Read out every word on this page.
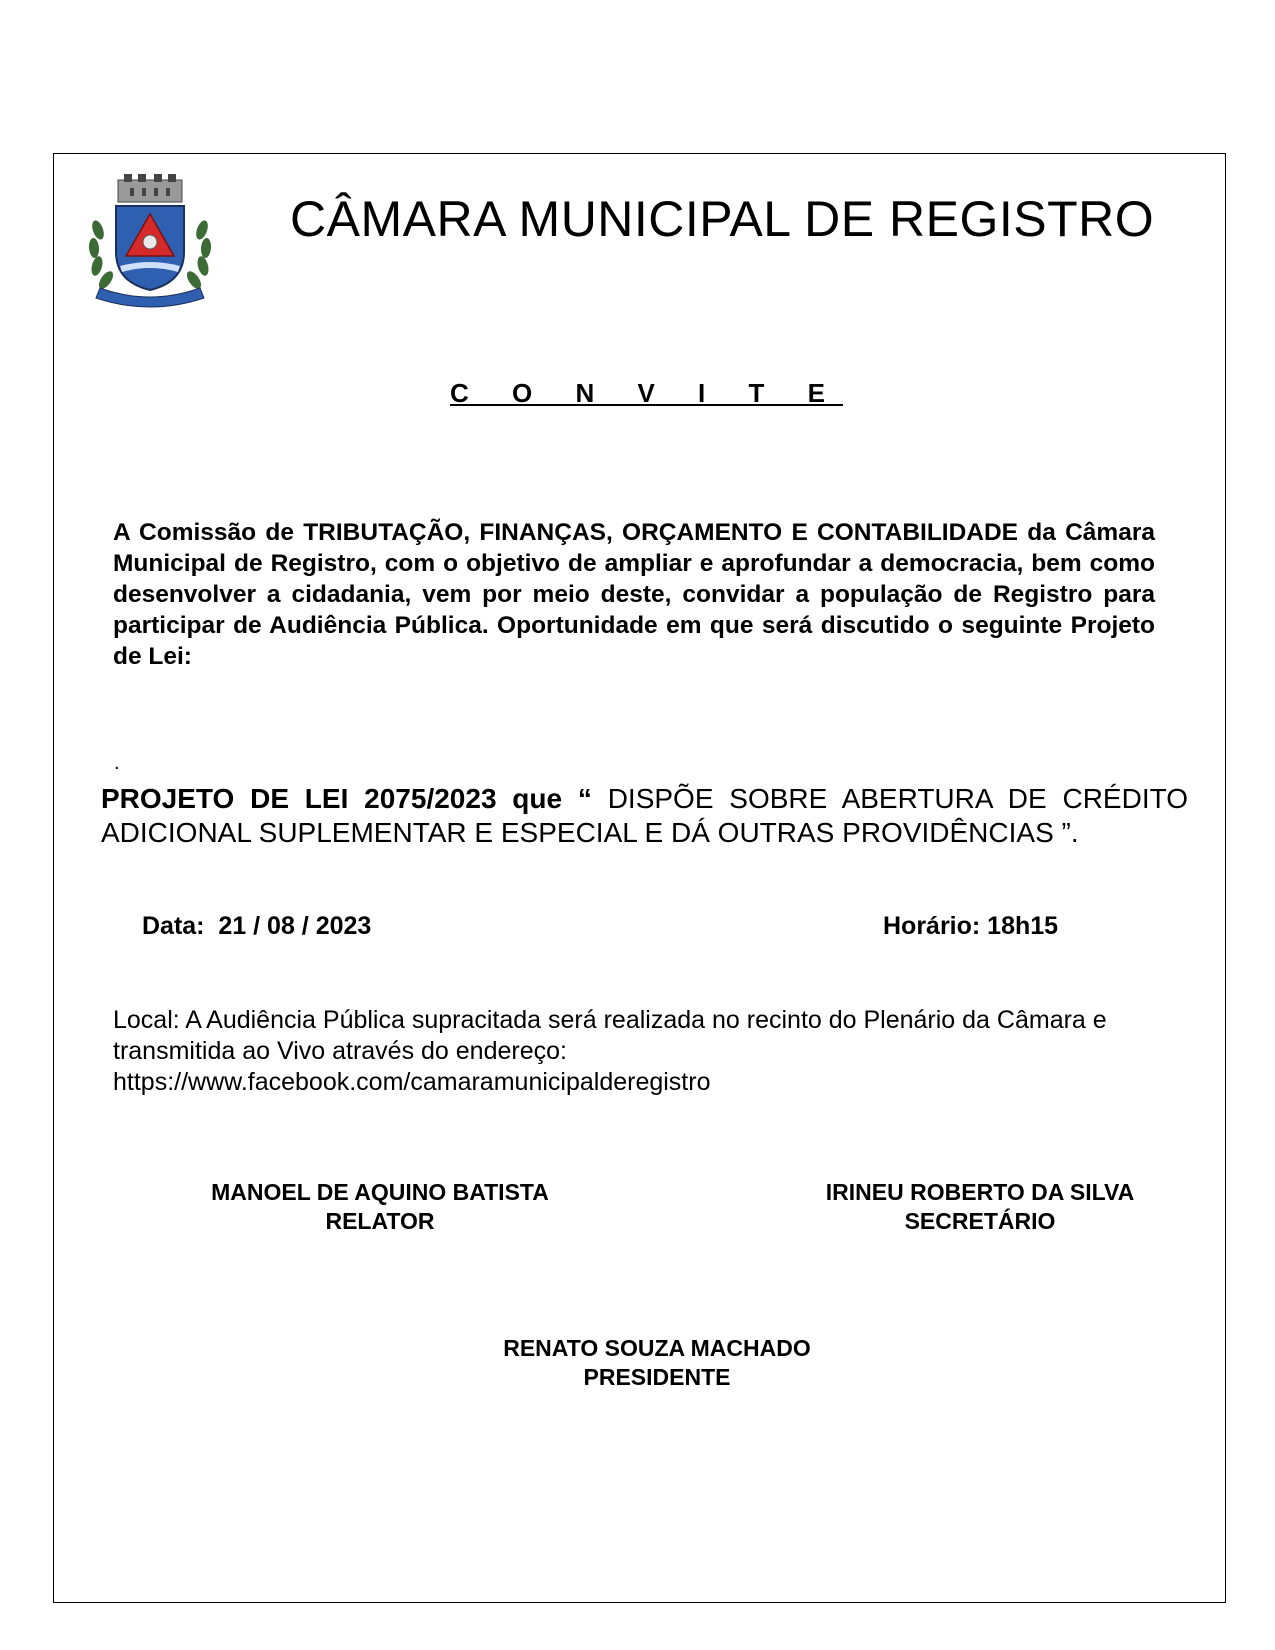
CÂMARA MUNICIPAL DE REGISTRO
C O N V I T E
A Comissão de TRIBUTAÇÃO, FINANÇAS, ORÇAMENTO E CONTABILIDADE da Câmara Municipal de Registro, com o objetivo de ampliar e aprofundar a democracia, bem como desenvolver a cidadania, vem por meio deste, convidar a população de Registro para participar de Audiência Pública. Oportunidade em que será discutido o seguinte Projeto de Lei:
.
PROJETO DE LEI 2075/2023 que “ DISPÕE SOBRE ABERTURA DE CRÉDITO ADICIONAL SUPLEMENTAR E ESPECIAL E DÁ OUTRAS PROVIDÊNCIAS ”.
Data:  21 / 08 / 2023	Horário: 18h15
Local: A Audiência Pública supracitada será realizada no recinto do Plenário da Câmara e transmitida ao Vivo através do endereço:
https://www.facebook.com/camaramunicipalderegistro
MANOEL DE AQUINO BATISTA
RELATOR
IRINEU ROBERTO DA SILVA
SECRETÁRIO
RENATO SOUZA MACHADO
PRESIDENTE
